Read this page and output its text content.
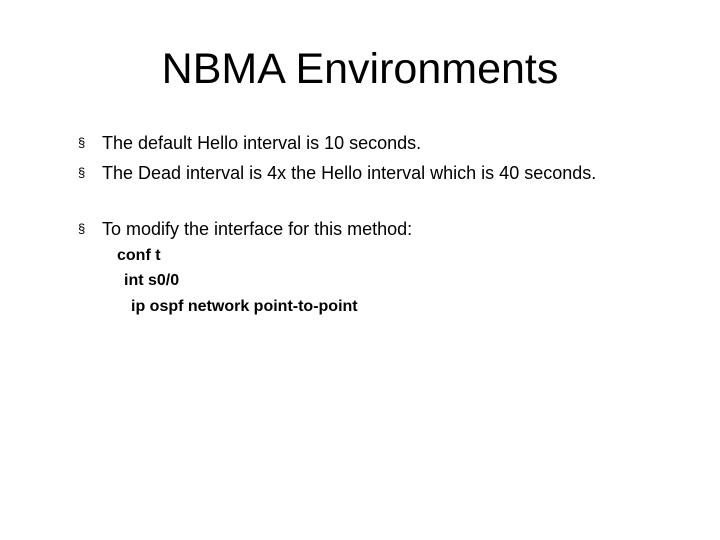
NBMA Environments
§ The default Hello interval is 10 seconds.
§ The Dead interval is 4x the Hello interval which is 40 seconds.
§ To modify the interface for this method:
conf t
int s0/0
ip ospf network point-to-point
